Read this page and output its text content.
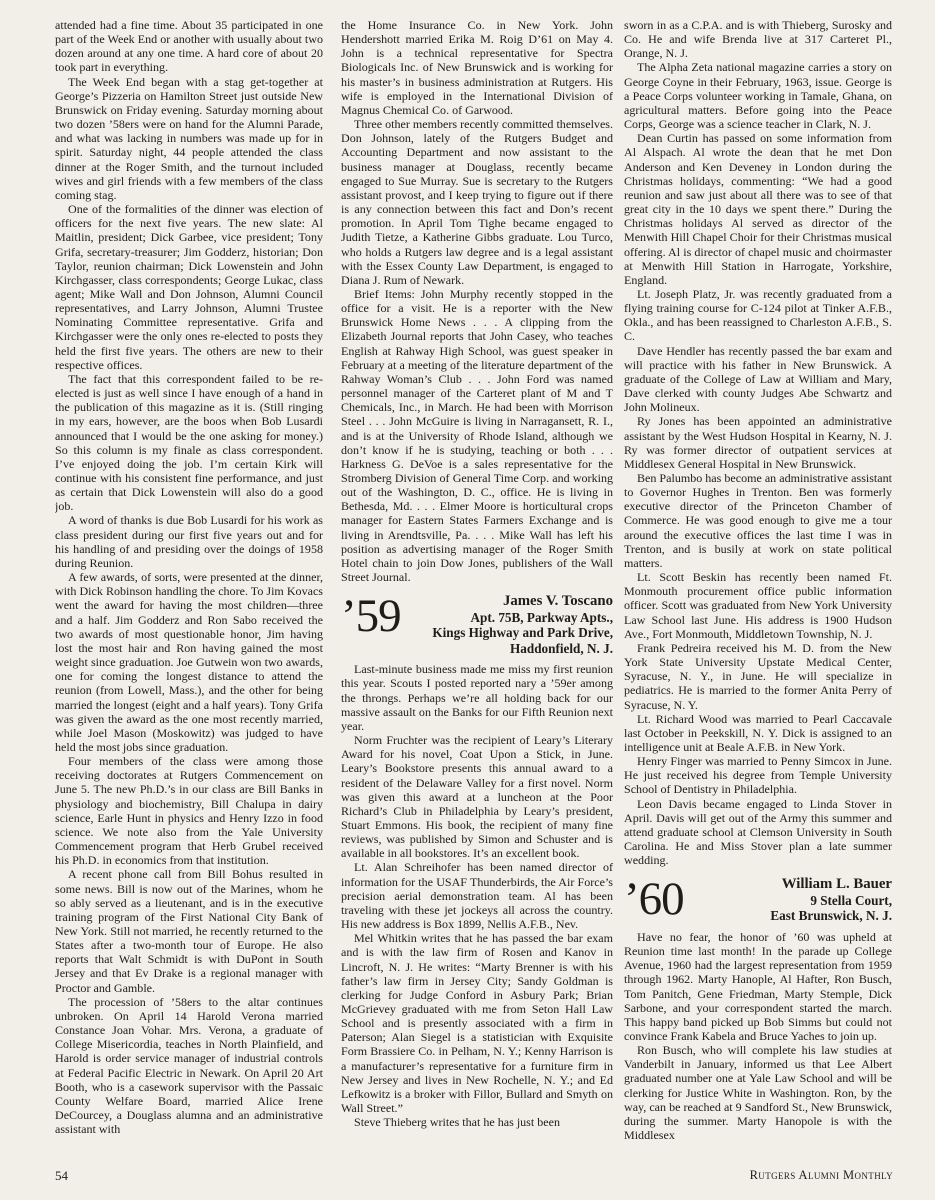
attended had a fine time. About 35 participated in one part of the Week End or another with usually about two dozen around at any one time. A hard core of about 20 took part in everything.

The Week End began with a stag get-together at George’s Pizzeria on Hamilton Street just outside New Brunswick on Friday evening. Saturday morning about two dozen ’58ers were on hand for the Alumni Parade, and what was lacking in numbers was made up for in spirit. Saturday night, 44 people attended the class dinner at the Roger Smith, and the turnout included wives and girl friends with a few members of the class coming stag.

One of the formalities of the dinner was election of officers for the next five years. The new slate: Al Maitlin, president; Dick Garbee, vice president; Tony Grifa, secretary-treasurer; Jim Godderz, historian; Don Taylor, reunion chairman; Dick Lowenstein and John Kirchgasser, class correspondents; George Lukac, class agent; Mike Wall and Don Johnson, Alumni Council representatives, and Larry Johnson, Alumni Trustee Nominating Committee representative. Grifa and Kirchgasser were the only ones re-elected to posts they held the first five years. The others are new to their respective offices.

The fact that this correspondent failed to be re-elected is just as well since I have enough of a hand in the publication of this magazine as it is. (Still ringing in my ears, however, are the boos when Bob Lusardi announced that I would be the one asking for money.) So this column is my finale as class correspondent. I’ve enjoyed doing the job. I’m certain Kirk will continue with his consistent fine performance, and just as certain that Dick Lowenstein will also do a good job.

A word of thanks is due Bob Lusardi for his work as class president during our first five years out and for his handling of and presiding over the doings of 1958 during Reunion.

A few awards, of sorts, were presented at the dinner, with Dick Robinson handling the chore. To Jim Kovacs went the award for having the most children—three and a half. Jim Godderz and Ron Sabo received the two awards of most questionable honor, Jim having lost the most hair and Ron having gained the most weight since graduation. Joe Gutwein won two awards, one for coming the longest distance to attend the reunion (from Lowell, Mass.), and the other for being married the longest (eight and a half years). Tony Grifa was given the award as the one most recently married, while Joel Mason (Moskowitz) was judged to have held the most jobs since graduation.

Four members of the class were among those receiving doctorates at Rutgers Commencement on June 5. The new Ph.D.’s in our class are Bill Banks in physiology and biochemistry, Bill Chalupa in dairy science, Earle Hunt in physics and Henry Izzo in food science. We note also from the Yale University Commencement program that Herb Grubel received his Ph.D. in economics from that institution.

A recent phone call from Bill Bohus resulted in some news. Bill is now out of the Marines, whom he so ably served as a lieutenant, and is in the executive training program of the First National City Bank of New York. Still not married, he recently returned to the States after a two-month tour of Europe. He also reports that Walt Schmidt is with DuPont in South Jersey and that Ev Drake is a regional manager with Proctor and Gamble.

The procession of ’58ers to the altar continues unbroken. On April 14 Harold Verona married Constance Joan Vohar. Mrs. Verona, a graduate of College Misericordia, teaches in North Plainfield, and Harold is order service manager of industrial controls at Federal Pacific Electric in Newark. On April 20 Art Booth, who is a casework supervisor with the Passaic County Welfare Board, married Alice Irene DeCourcey, a Douglass alumna and an administrative assistant with

the Home Insurance Co. in New York. John Hendershott married Erika M. Roig D’61 on May 4. John is a technical representative for Spectra Biologicals Inc. of New Brunswick and is working for his master’s in business administration at Rutgers. His wife is employed in the International Division of Magnus Chemical Co. of Garwood.

Three other members recently committed themselves. Don Johnson, lately of the Rutgers Budget and Accounting Department and now assistant to the business manager at Douglass, recently became engaged to Sue Murray. Sue is secretary to the Rutgers assistant provost, and I keep trying to figure out if there is any connection between this fact and Don’s recent promotion. In April Tom Tighe became engaged to Judith Tietze, a Katherine Gibbs graduate. Lou Turco, who holds a Rutgers law degree and is a legal assistant with the Essex County Law Department, is engaged to Diana J. Rum of Newark.

Brief Items: John Murphy recently stopped in the office for a visit. He is a reporter with the New Brunswick Home News . . . A clipping from the Elizabeth Journal reports that John Casey, who teaches English at Rahway High School, was guest speaker in February at a meeting of the literature department of the Rahway Woman’s Club . . . John Ford was named personnel manager of the Carteret plant of M and T Chemicals, Inc., in March. He had been with Morrison Steel . . . John McGuire is living in Narragansett, R. I., and is at the University of Rhode Island, although we don’t know if he is studying, teaching or both . . . Harkness G. DeVoe is a sales representative for the Stromberg Division of General Time Corp. and working out of the Washington, D. C., office. He is living in Bethesda, Md. . . . Elmer Moore is horticultural crops manager for Eastern States Farmers Exchange and is living in Arendtsville, Pa. . . . Mike Wall has left his position as advertising manager of the Roger Smith Hotel chain to join Dow Jones, publishers of the Wall Street Journal.

’59	James V. Toscano
Apt. 75B, Parkway Apts.,
Kings Highway and Park Drive,
Haddonfield, N. J.

Last-minute business made me miss my first reunion this year. Scouts I posted reported nary a ’59er among the throngs. Perhaps we’re all holding back for our massive assault on the Banks for our Fifth Reunion next year.

Norm Fruchter was the recipient of Leary’s Literary Award for his novel, Coat Upon a Stick, in June. Leary’s Bookstore presents this annual award to a resident of the Delaware Valley for a first novel. Norm was given this award at a luncheon at the Poor Richard’s Club in Philadelphia by Leary’s president, Stuart Emmons. His book, the recipient of many fine reviews, was published by Simon and Schuster and is available in all bookstores. It’s an excellent book.

Lt. Alan Schreihofer has been named director of information for the USAF Thunderbirds, the Air Force’s precision aerial demonstration team. Al has been traveling with these jet jockeys all across the country. His new address is Box 1899, Nellis A.F.B., Nev.

Mel Whitkin writes that he has passed the bar exam and is with the law firm of Rosen and Kanov in Lincroft, N. J. He writes: “Marty Brenner is with his father’s law firm in Jersey City; Sandy Goldman is clerking for Judge Conford in Asbury Park; Brian McGrievey graduated with me from Seton Hall Law School and is presently associated with a firm in Paterson; Alan Siegel is a statistician with Exquisite Form Brassiere Co. in Pelham, N. Y.; Kenny Harrison is a manufacturer’s representative for a furniture firm in New Jersey and lives in New Rochelle, N. Y.; and Ed Lefkowitz is a broker with Fillor, Bullard and Smyth on Wall Street.”

Steve Thieberg writes that he has just been

sworn in as a C.P.A. and is with Thieberg, Surosky and Co. He and wife Brenda live at 317 Carteret Pl., Orange, N. J.

The Alpha Zeta national magazine carries a story on George Coyne in their February, 1963, issue. George is a Peace Corps volunteer working in Tamale, Ghana, on agricultural matters. Before going into the Peace Corps, George was a science teacher in Clark, N. J.

Dean Curtin has passed on some information from Al Alspach. Al wrote the dean that he met Don Anderson and Ken Deveney in London during the Christmas holidays, commenting: “We had a good reunion and saw just about all there was to see of that great city in the 10 days we spent there.” During the Christmas holidays Al served as director of the Menwith Hill Chapel Choir for their Christmas musical offering. Al is director of chapel music and choirmaster at Menwith Hill Station in Harrogate, Yorkshire, England.

Lt. Joseph Platz, Jr. was recently graduated from a flying training course for C-124 pilot at Tinker A.F.B., Okla., and has been reassigned to Charleston A.F.B., S. C.

Dave Hendler has recently passed the bar exam and will practice with his father in New Brunswick. A graduate of the College of Law at William and Mary, Dave clerked with county Judges Abe Schwartz and John Molineux.

Ry Jones has been appointed an administrative assistant by the West Hudson Hospital in Kearny, N. J. Ry was former director of outpatient services at Middlesex General Hospital in New Brunswick.

Ben Palumbo has become an administrative assistant to Governor Hughes in Trenton. Ben was formerly executive director of the Princeton Chamber of Commerce. He was good enough to give me a tour around the executive offices the last time I was in Trenton, and is busily at work on state political matters.

Lt. Scott Beskin has recently been named Ft. Monmouth procurement office public information officer. Scott was graduated from New York University Law School last June. His address is 1900 Hudson Ave., Fort Monmouth, Middletown Township, N. J.

Frank Pedreira received his M. D. from the New York State University Upstate Medical Center, Syracuse, N. Y., in June. He will specialize in pediatrics. He is married to the former Anita Perry of Syracuse, N. Y.

Lt. Richard Wood was married to Pearl Caccavale last October in Peekskill, N. Y. Dick is assigned to an intelligence unit at Beale A.F.B. in New York.

Henry Finger was married to Penny Simcox in June. He just received his degree from Temple University School of Dentistry in Philadelphia.

Leon Davis became engaged to Linda Stover in April. Davis will get out of the Army this summer and attend graduate school at Clemson University in South Carolina. He and Miss Stover plan a late summer wedding.

’60	William L. Bauer
9 Stella Court,
East Brunswick, N. J.

Have no fear, the honor of ’60 was upheld at Reunion time last month! In the parade up College Avenue, 1960 had the largest representation from 1959 through 1962. Marty Hanople, Al Hafter, Ron Busch, Tom Panitch, Gene Friedman, Marty Stemple, Dick Sarbone, and your correspondent started the march. This happy band picked up Bob Simms but could not convince Frank Kabela and Bruce Yaches to join up.

Ron Busch, who will complete his law studies at Vanderbilt in January, informed us that Lee Albert graduated number one at Yale Law School and will be clerking for Justice White in Washington. Ron, by the way, can be reached at 9 Sandford St., New Brunswick, during the summer. Marty Hanopole is with the Middlesex

54	Rutgers Alumni Monthly
